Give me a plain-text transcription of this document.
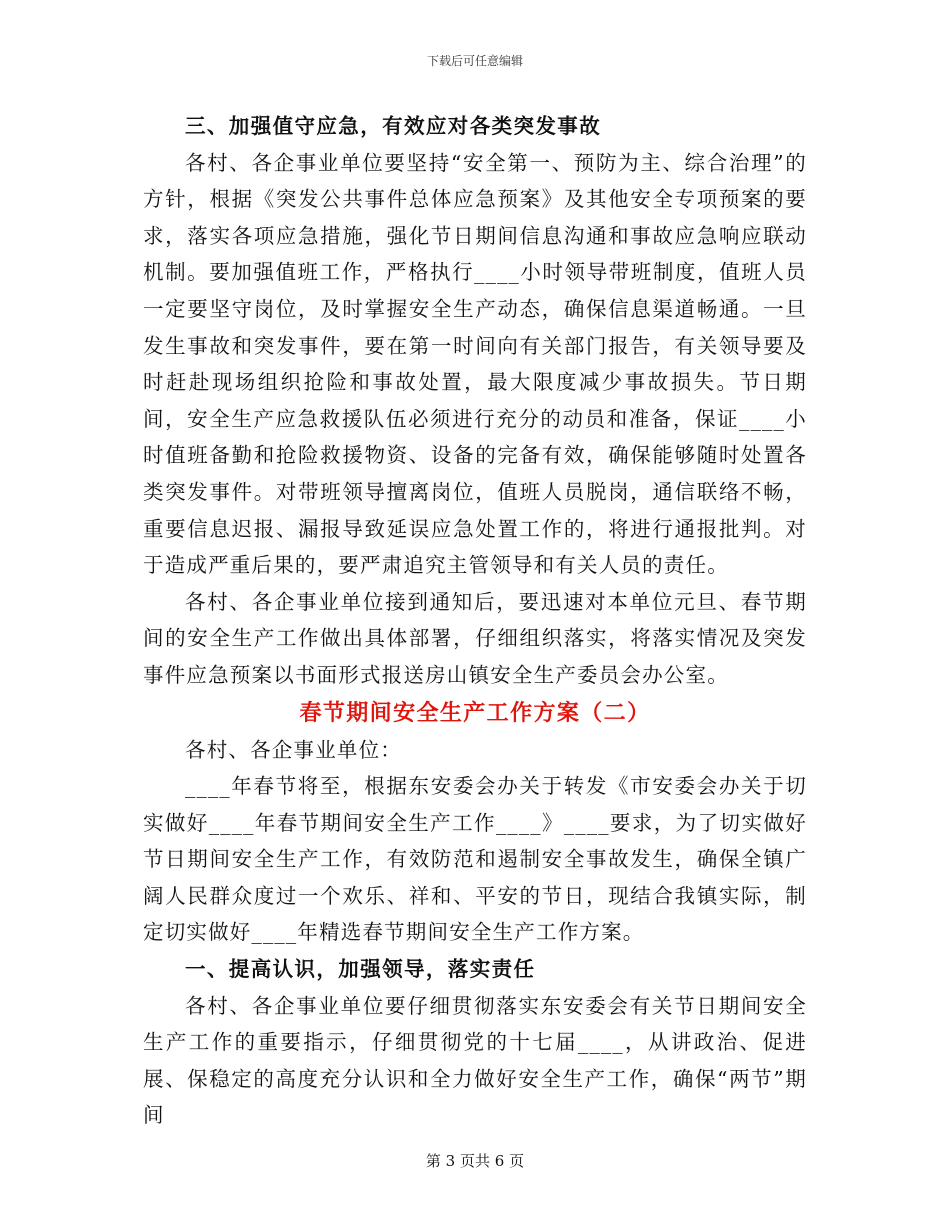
下载后可任意编辑

三、加强值守应急，有效应对各类突发事故

各村、各企事业单位要坚持“安全第一、预防为主、综合治理”的方针，根据《突发公共事件总体应急预案》及其他安全专项预案的要求，落实各项应急措施，强化节日期间信息沟通和事故应急响应联动机制。要加强值班工作，严格执行____小时领导带班制度，值班人员一定要坚守岗位，及时掌握安全生产动态，确保信息渠道畅通。一旦发生事故和突发事件，要在第一时间向有关部门报告，有关领导要及时赶赴现场组织抢险和事故处置，最大限度减少事故损失。节日期间，安全生产应急救援队伍必须进行充分的动员和准备，保证____小时值班备勤和抢险救援物资、设备的完备有效，确保能够随时处置各类突发事件。对带班领导擅离岗位，值班人员脱岗，通信联络不畅，重要信息迟报、漏报导致延误应急处置工作的，将进行通报批判。对于造成严重后果的，要严肃追究主管领导和有关人员的责任。

各村、各企事业单位接到通知后，要迅速对本单位元旦、春节期间的安全生产工作做出具体部署，仔细组织落实，将落实情况及突发事件应急预案以书面形式报送房山镇安全生产委员会办公室。

春节期间安全生产工作方案（二）

各村、各企事业单位：

____年春节将至，根据东安委会办关于转发《市安委会办关于切实做好____年春节期间安全生产工作____》____要求，为了切实做好节日期间安全生产工作，有效防范和遏制安全事故发生，确保全镇广阔人民群众度过一个欢乐、祥和、平安的节日，现结合我镇实际，制定切实做好____年精选春节期间安全生产工作方案。

一、提高认识，加强领导，落实责任

各村、各企事业单位要仔细贯彻落实东安委会有关节日期间安全生产工作的重要指示，仔细贯彻党的十七届____，从讲政治、促进展、保稳定的高度充分认识和全力做好安全生产工作，确保“两节”期间

第 3 页共 6 页
